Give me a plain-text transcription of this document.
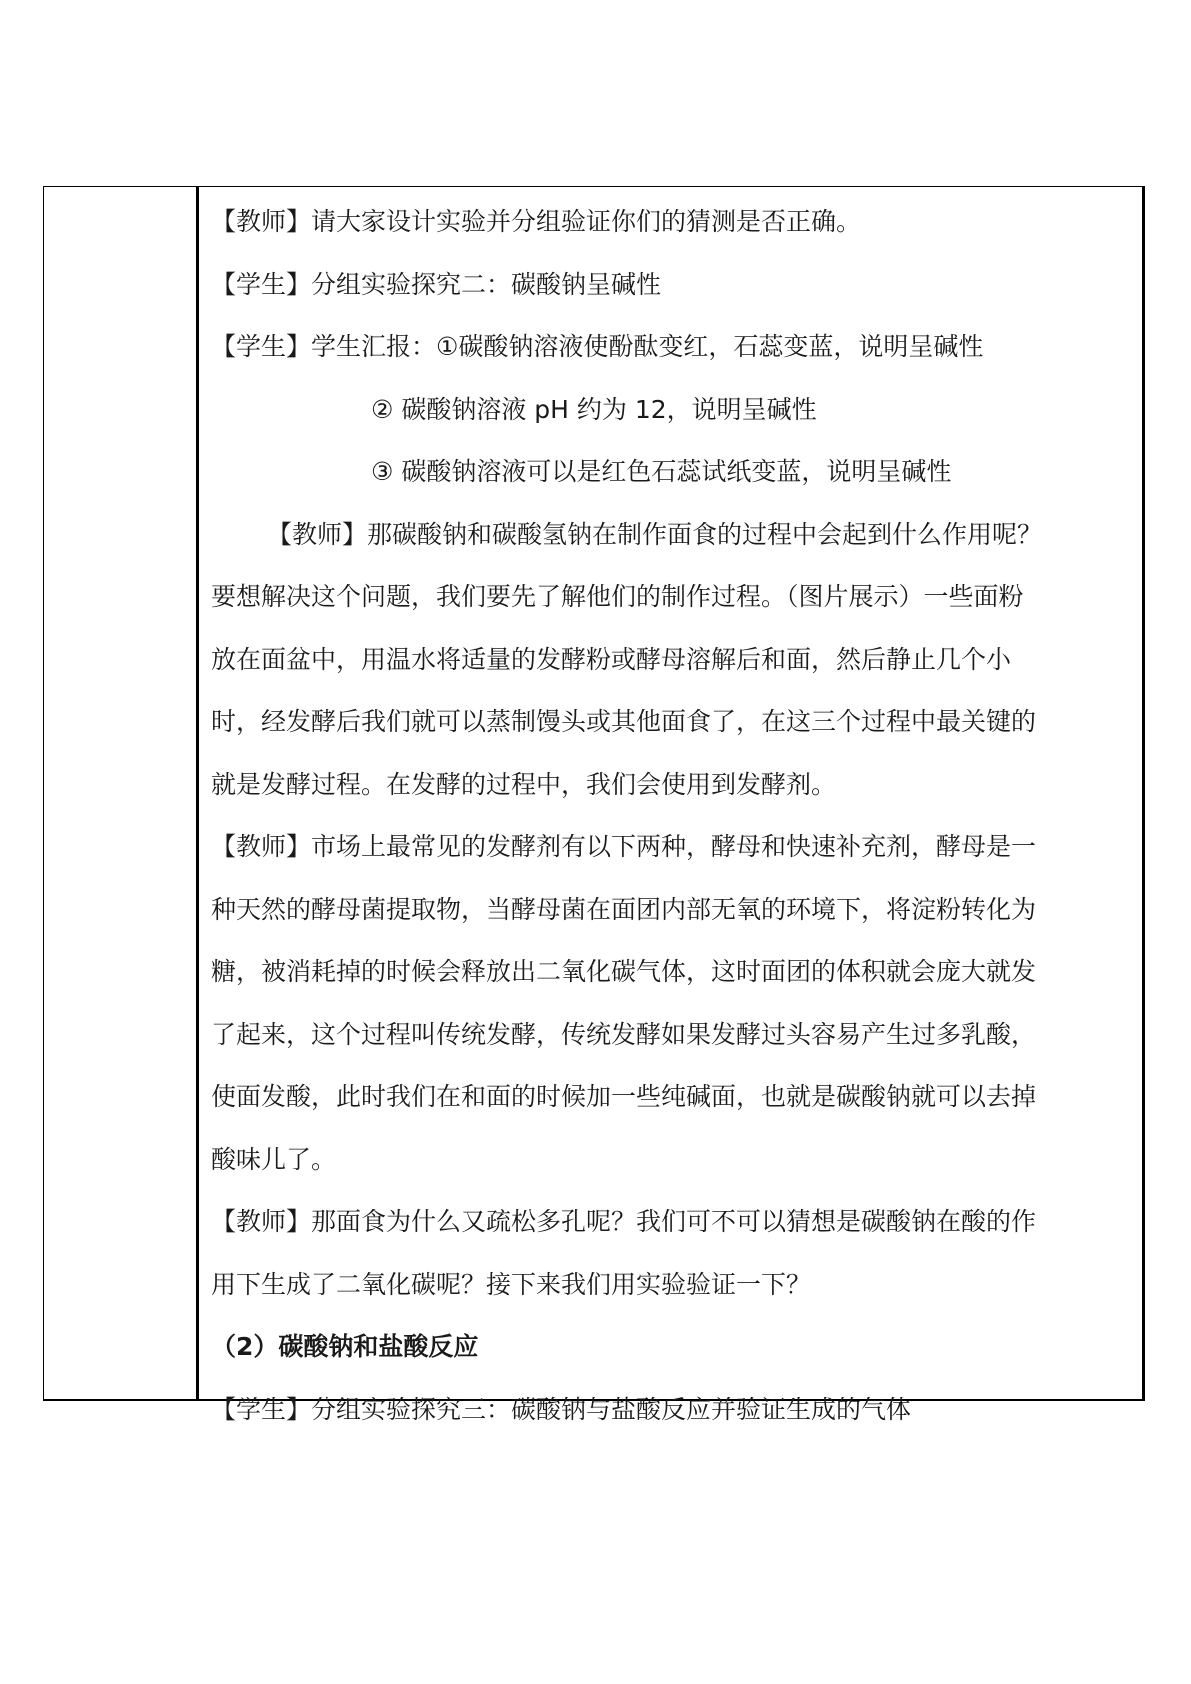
【教师】请大家设计实验并分组验证你们的猜测是否正确。
【学生】分组实验探究二：碳酸钠呈碱性
【学生】学生汇报：①碳酸钠溶液使酚酞变红，石蕊变蓝，说明呈碱性
② 碳酸钠溶液 pH 约为 12，说明呈碱性
③ 碳酸钠溶液可以是红色石蕊试纸变蓝，说明呈碱性
【教师】那碳酸钠和碳酸氢钠在制作面食的过程中会起到什么作用呢？
要想解决这个问题，我们要先了解他们的制作过程。（图片展示）一些面粉
放在面盆中，用温水将适量的发酵粉或酵母溶解后和面，然后静止几个小
时，经发酵后我们就可以蒸制馒头或其他面食了，在这三个过程中最关键的
就是发酵过程。在发酵的过程中，我们会使用到发酵剂。
【教师】市场上最常见的发酵剂有以下两种，酵母和快速补充剂，酵母是一
种天然的酵母菌提取物，当酵母菌在面团内部无氧的环境下，将淀粉转化为
糖，被消耗掉的时候会释放出二氧化碳气体，这时面团的体积就会庞大就发
了起来，这个过程叫传统发酵，传统发酵如果发酵过头容易产生过多乳酸，
使面发酸，此时我们在和面的时候加一些纯碱面，也就是碳酸钠就可以去掉
酸味儿了。
【教师】那面食为什么又疏松多孔呢？我们可不可以猜想是碳酸钠在酸的作
用下生成了二氧化碳呢？接下来我们用实验验证一下？
（2）碳酸钠和盐酸反应
【学生】分组实验探究三：碳酸钠与盐酸反应并验证生成的气体
